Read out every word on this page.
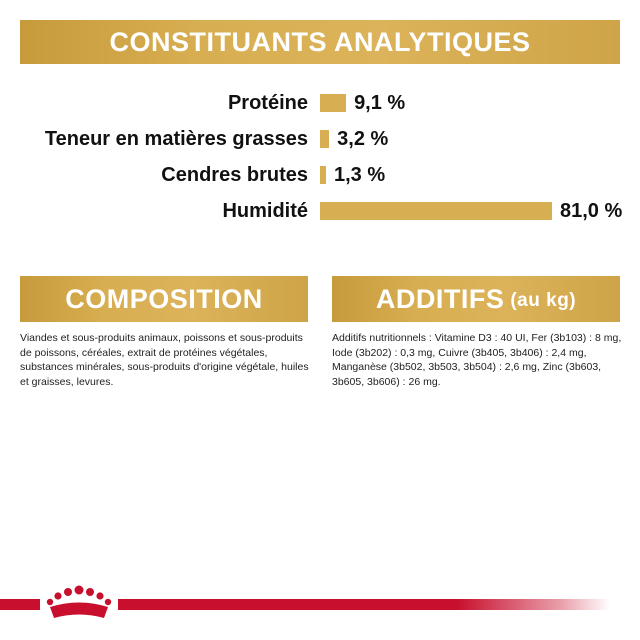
CONSTITUANTS ANALYTIQUES
Protéine 9,1 %
Teneur en matières grasses 3,2 %
Cendres brutes 1,3 %
Humidité	81,0 %
COMPOSITION	ADDITIFS (au kg)
Viandes et sous-produits animaux, poissons et sous-produits de poissons, céréales, extrait de protéines végétales, substances minérales, sous-produits d'origine végétale, huiles et graisses, levures.
Additifs nutritionnels : Vitamine D3 : 40 UI, Fer (3b103) : 8 mg, Iode (3b202) : 0,3 mg, Cuivre (3b405, 3b406) : 2,4 mg, Manganèse (3b502, 3b503, 3b504) : 2,6 mg, Zinc (3b603, 3b605, 3b606) : 26 mg.
